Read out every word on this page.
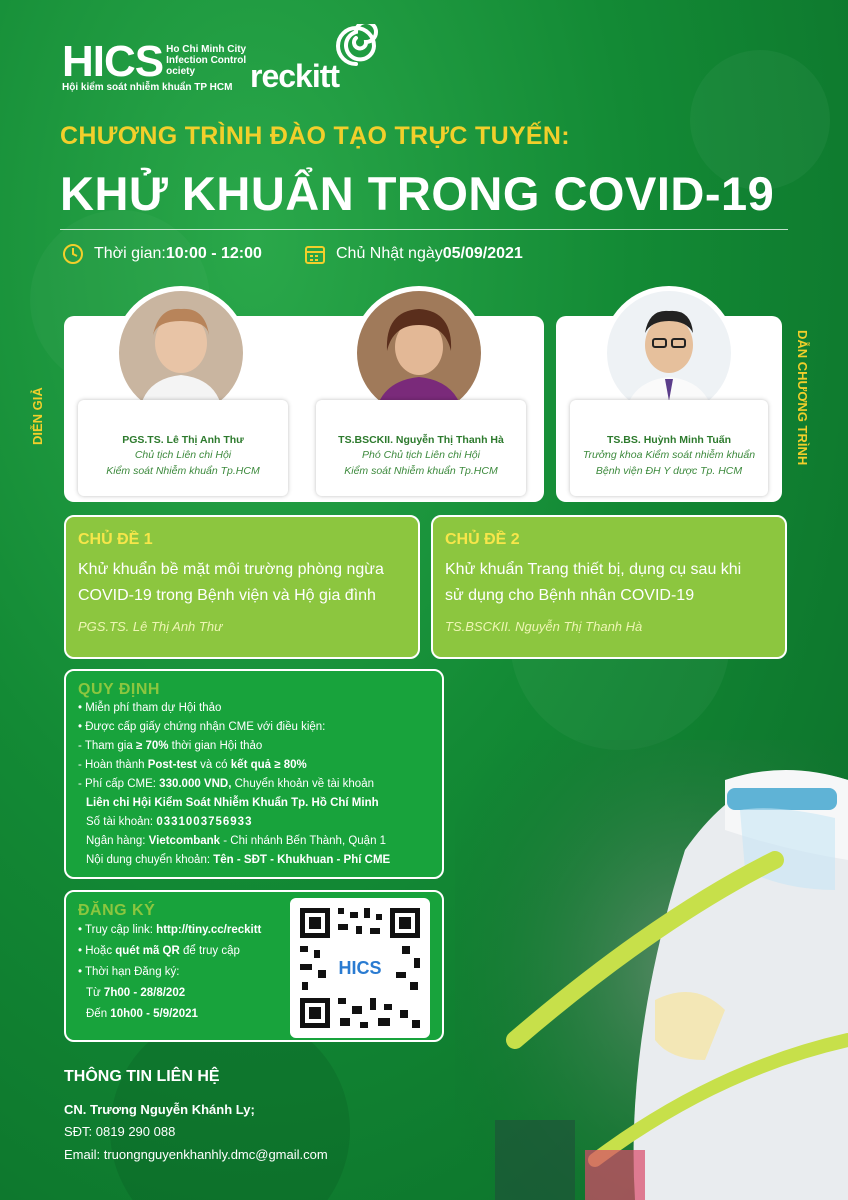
HICS Ho Chi Minh City
Infection Control
ociety
Hội kiểm soát nhiễm khuẩn TP HCM reckitt
CHƯƠNG TRÌNH ĐÀO TẠO TRỰC TUYẾN:
KHỬ KHUẨN TRONG COVID-19
Thời gian: 10:00 - 12:00	Chủ Nhật ngày 05/09/2021
DIỄN GIẢ	DẪN CHƯƠNG TRÌNH
PGS.TS. Lê Thị Anh Thư
Chủ tịch Liên chi Hội
Kiểm soát Nhiễm khuẩn Tp.HCM
TS.BSCKII. Nguyễn Thị Thanh Hà
Phó Chủ tịch Liên chi Hội
Kiểm soát Nhiễm khuẩn Tp.HCM
TS.BS. Huỳnh Minh Tuấn
Trưởng khoa Kiểm soát nhiễm khuẩn
Bệnh viện ĐH Y dược Tp. HCM
CHỦ ĐỀ 1
Khử khuẩn bề mặt môi trường phòng ngừa
COVID-19 trong Bệnh viện và Hộ gia đình
PGS.TS. Lê Thị Anh Thư
CHỦ ĐỀ 2
Khử khuẩn Trang thiết bị, dụng cụ sau khi
sử dụng cho Bệnh nhân COVID-19
TS.BSCKII. Nguyễn Thị Thanh Hà
QUY ĐỊNH
• Miễn phí tham dự Hội thảo
• Được cấp giấy chứng nhận CME với điều kiện:
- Tham gia ≥ 70% thời gian Hội thảo
- Hoàn thành Post-test và có kết quả ≥ 80%
- Phí cấp CME: 330.000 VND, Chuyển khoản về tài khoản
Liên chi Hội Kiểm Soát Nhiễm Khuẩn Tp. Hồ Chí Minh
Số tài khoản: 0331003756933
Ngân hàng: Vietcombank - Chi nhánh Bến Thành, Quận 1
Nội dung chuyển khoản: Tên - SĐT - Khukhuan - Phí CME
ĐĂNG KÝ
• Truy cập link: http://tiny.cc/reckitt
• Hoặc quét mã QR để truy cập
• Thời hạn Đăng ký:
Từ 7h00 - 28/8/202
Đến 10h00 - 5/9/2021
HICS
THÔNG TIN LIÊN HỆ
CN. Trương Nguyễn Khánh Ly;
SĐT: 0819 290 088
Email: truongnguyenkhanhly.dmc@gmail.com
